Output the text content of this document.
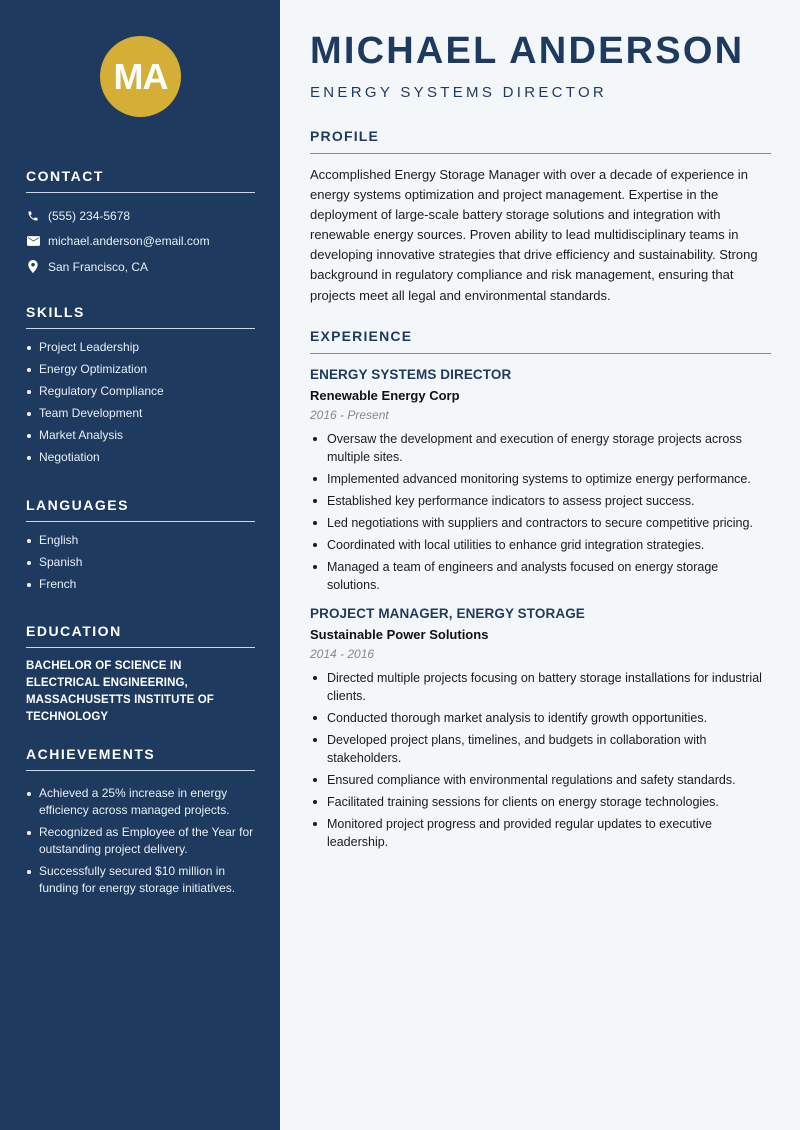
MA
CONTACT
(555) 234-5678
michael.anderson@email.com
San Francisco, CA
SKILLS
Project Leadership
Energy Optimization
Regulatory Compliance
Team Development
Market Analysis
Negotiation
LANGUAGES
English
Spanish
French
EDUCATION

BACHELOR OF SCIENCE IN ELECTRICAL ENGINEERING, MASSACHUSETTS INSTITUTE OF TECHNOLOGY

ACHIEVEMENTS
Achieved a 25% increase in energy efficiency across managed projects.
Recognized as Employee of the Year for outstanding project delivery.
Successfully secured $10 million in funding for energy storage initiatives.
MICHAEL ANDERSON
ENERGY SYSTEMS DIRECTOR
PROFILE

Accomplished Energy Storage Manager with over a decade of experience in energy systems optimization and project management. Expertise in the deployment of large-scale battery storage solutions and integration with renewable energy sources. Proven ability to lead multidisciplinary teams in developing innovative strategies that drive efficiency and sustainability. Strong background in regulatory compliance and risk management, ensuring that projects meet all legal and environmental standards.

EXPERIENCE
ENERGY SYSTEMS DIRECTOR
Renewable Energy Corp
2016 - Present
Oversaw the development and execution of energy storage projects across multiple sites.
Implemented advanced monitoring systems to optimize energy performance.
Established key performance indicators to assess project success.
Led negotiations with suppliers and contractors to secure competitive pricing.
Coordinated with local utilities to enhance grid integration strategies.
Managed a team of engineers and analysts focused on energy storage solutions.
PROJECT MANAGER, ENERGY STORAGE
Sustainable Power Solutions
2014 - 2016
Directed multiple projects focusing on battery storage installations for industrial clients.
Conducted thorough market analysis to identify growth opportunities.
Developed project plans, timelines, and budgets in collaboration with stakeholders.
Ensured compliance with environmental regulations and safety standards.
Facilitated training sessions for clients on energy storage technologies.
Monitored project progress and provided regular updates to executive leadership.
